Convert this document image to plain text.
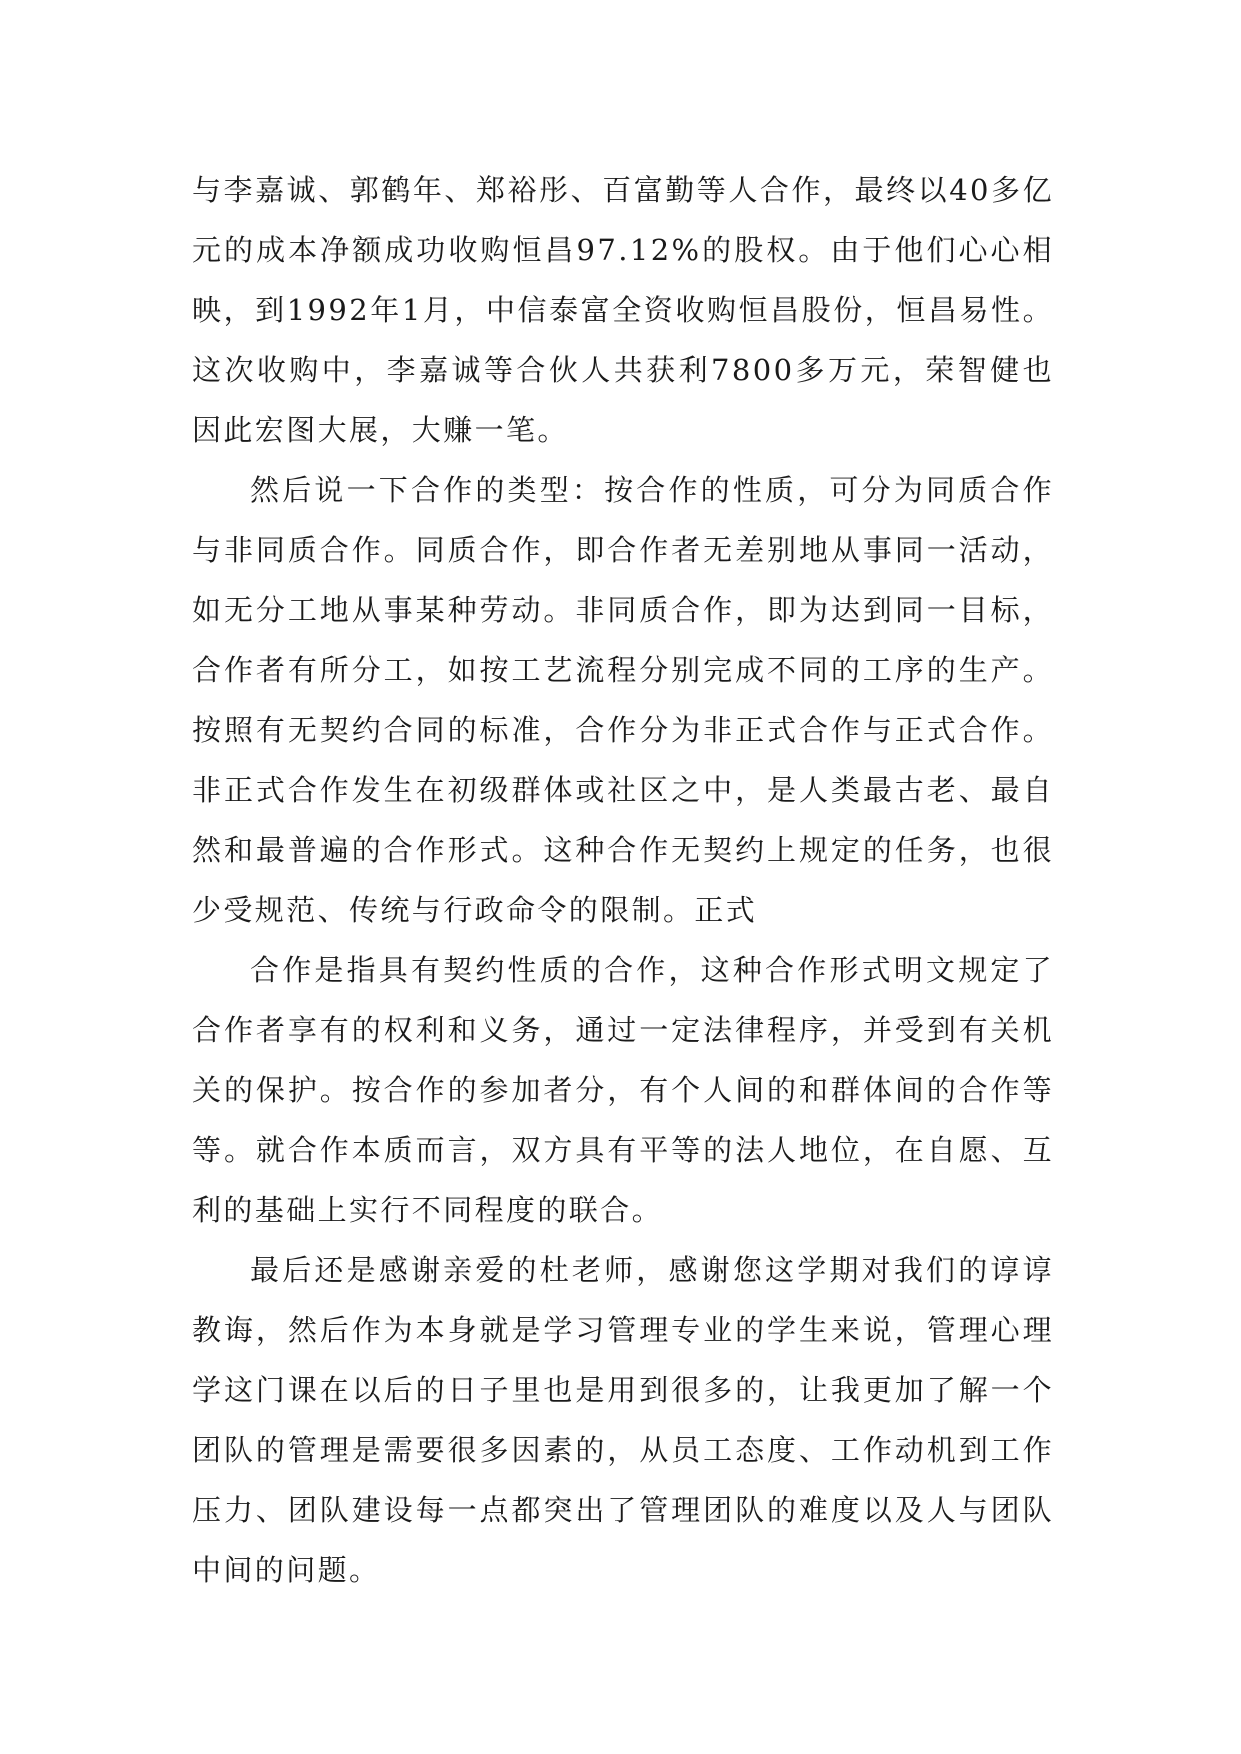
与李嘉诚、郭鹤年、郑裕彤、百富勤等人合作，最终以40多亿元的成本净额成功收购恒昌97.12%的股权。由于他们心心相映，到1992年1月，中信泰富全资收购恒昌股份，恒昌易性。这次收购中，李嘉诚等合伙人共获利7800多万元，荣智健也因此宏图大展，大赚一笔。

然后说一下合作的类型：按合作的性质，可分为同质合作与非同质合作。同质合作，即合作者无差别地从事同一活动，如无分工地从事某种劳动。非同质合作，即为达到同一目标，合作者有所分工，如按工艺流程分别完成不同的工序的生产。按照有无契约合同的标准，合作分为非正式合作与正式合作。非正式合作发生在初级群体或社区之中，是人类最古老、最自然和最普遍的合作形式。这种合作无契约上规定的任务，也很少受规范、传统与行政命令的限制。正式

合作是指具有契约性质的合作，这种合作形式明文规定了合作者享有的权利和义务，通过一定法律程序，并受到有关机关的保护。按合作的参加者分，有个人间的和群体间的合作等等。就合作本质而言，双方具有平等的法人地位，在自愿、互利的基础上实行不同程度的联合。

最后还是感谢亲爱的杜老师，感谢您这学期对我们的谆谆教诲，然后作为本身就是学习管理专业的学生来说，管理心理学这门课在以后的日子里也是用到很多的，让我更加了解一个团队的管理是需要很多因素的，从员工态度、工作动机到工作压力、团队建设每一点都突出了管理团队的难度以及人与团队中间的问题。
